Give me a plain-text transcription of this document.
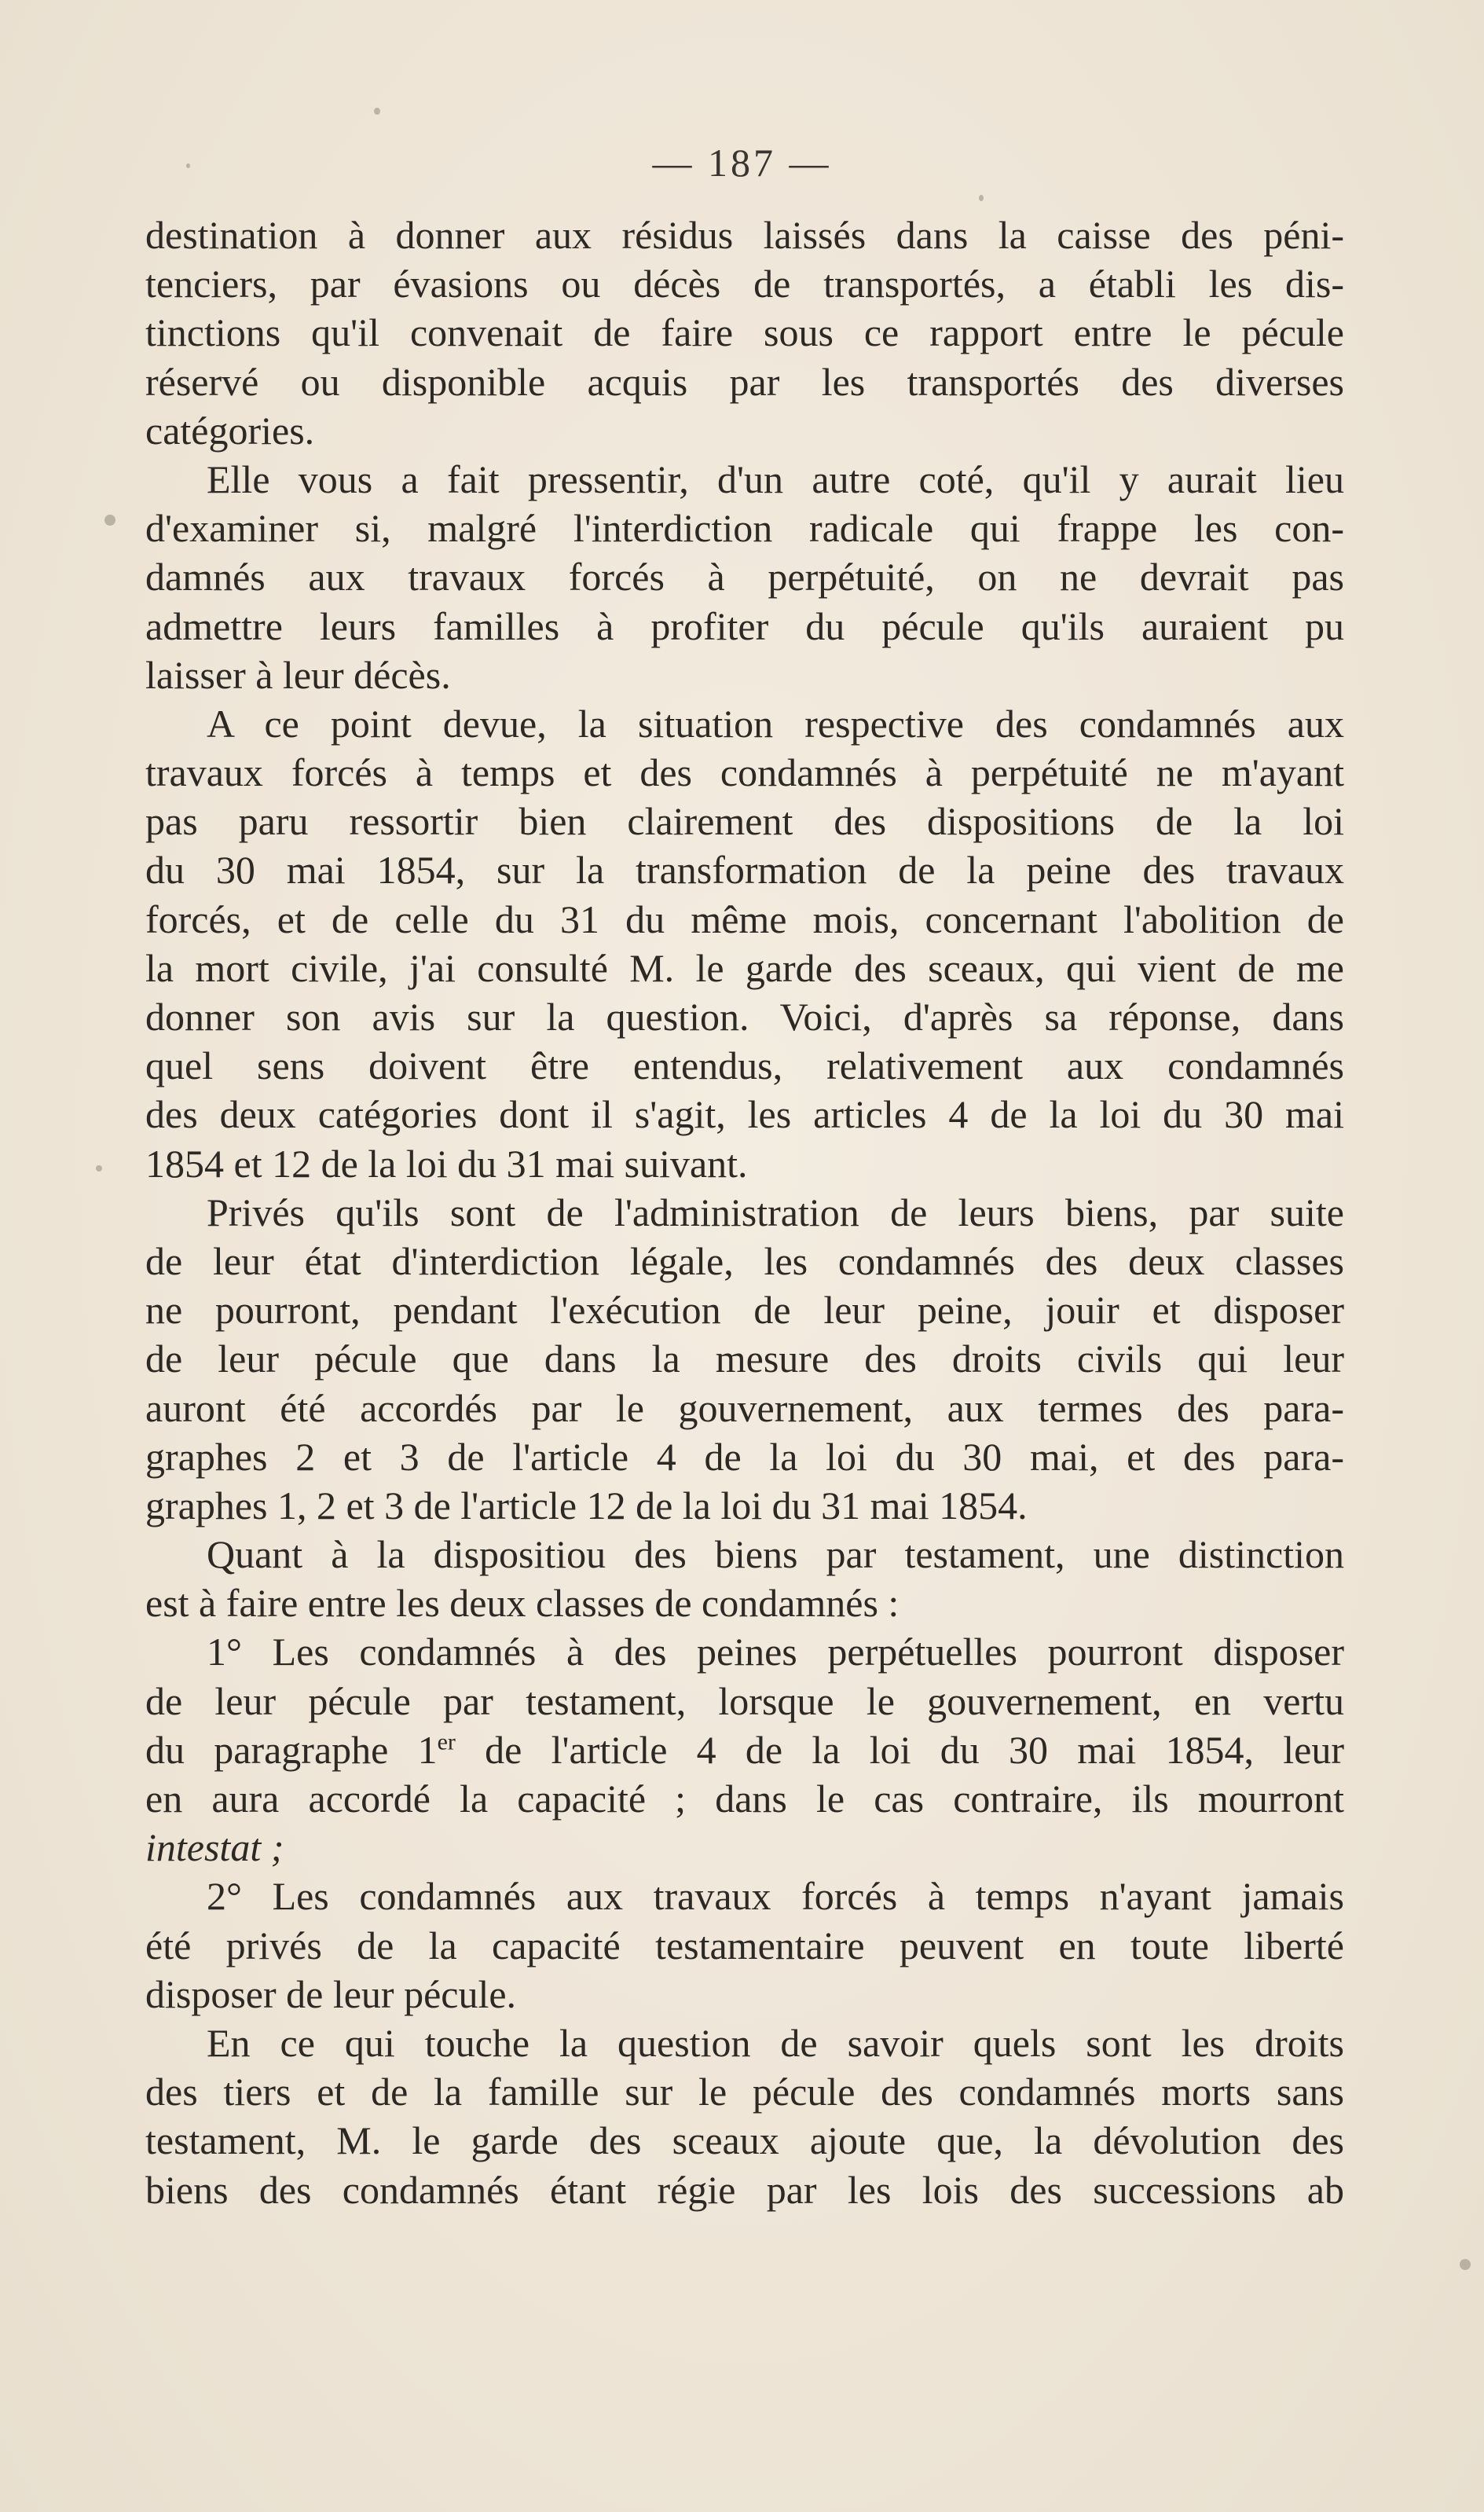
— 187 —
destination à donner aux résidus laissés dans la caisse des péni-
tenciers, par évasions ou décès de transportés, a établi les dis-
tinctions qu'il convenait de faire sous ce rapport entre le pécule
réservé ou disponible acquis par les transportés des diverses
catégories.
Elle vous a fait pressentir, d'un autre coté, qu'il y aurait lieu
d'examiner si, malgré l'interdiction radicale qui frappe les con-
damnés aux travaux forcés à perpétuité, on ne devrait pas
admettre leurs familles à profiter du pécule qu'ils auraient pu
laisser à leur décès.
A ce point devue, la situation respective des condamnés aux
travaux forcés à temps et des condamnés à perpétuité ne m'ayant
pas paru ressortir bien clairement des dispositions de la loi
du 30 mai 1854, sur la transformation de la peine des travaux
forcés, et de celle du 31 du même mois, concernant l'abolition de
la mort civile, j'ai consulté M. le garde des sceaux, qui vient de me
donner son avis sur la question. Voici, d'après sa réponse, dans
quel sens doivent être entendus, relativement aux condamnés
des deux catégories dont il s'agit, les articles 4 de la loi du 30 mai
1854 et 12 de la loi du 31 mai suivant.
Privés qu'ils sont de l'administration de leurs biens, par suite
de leur état d'interdiction légale, les condamnés des deux classes
ne pourront, pendant l'exécution de leur peine, jouir et disposer
de leur pécule que dans la mesure des droits civils qui leur
auront été accordés par le gouvernement, aux termes des para-
graphes 2 et 3 de l'article 4 de la loi du 30 mai, et des para-
graphes 1, 2 et 3 de l'article 12 de la loi du 31 mai 1854.
Quant à la dispositiou des biens par testament, une distinction
est à faire entre les deux classes de condamnés :
1° Les condamnés à des peines perpétuelles pourront disposer
de leur pécule par testament, lorsque le gouvernement, en vertu
du paragraphe 1er de l'article 4 de la loi du 30 mai 1854, leur
en aura accordé la capacité ; dans le cas contraire, ils mourront
intestat ;
2° Les condamnés aux travaux forcés à temps n'ayant jamais
été privés de la capacité testamentaire peuvent en toute liberté
disposer de leur pécule.
En ce qui touche la question de savoir quels sont les droits
des tiers et de la famille sur le pécule des condamnés morts sans
testament, M. le garde des sceaux ajoute que, la dévolution des
biens des condamnés étant régie par les lois des successions ab
